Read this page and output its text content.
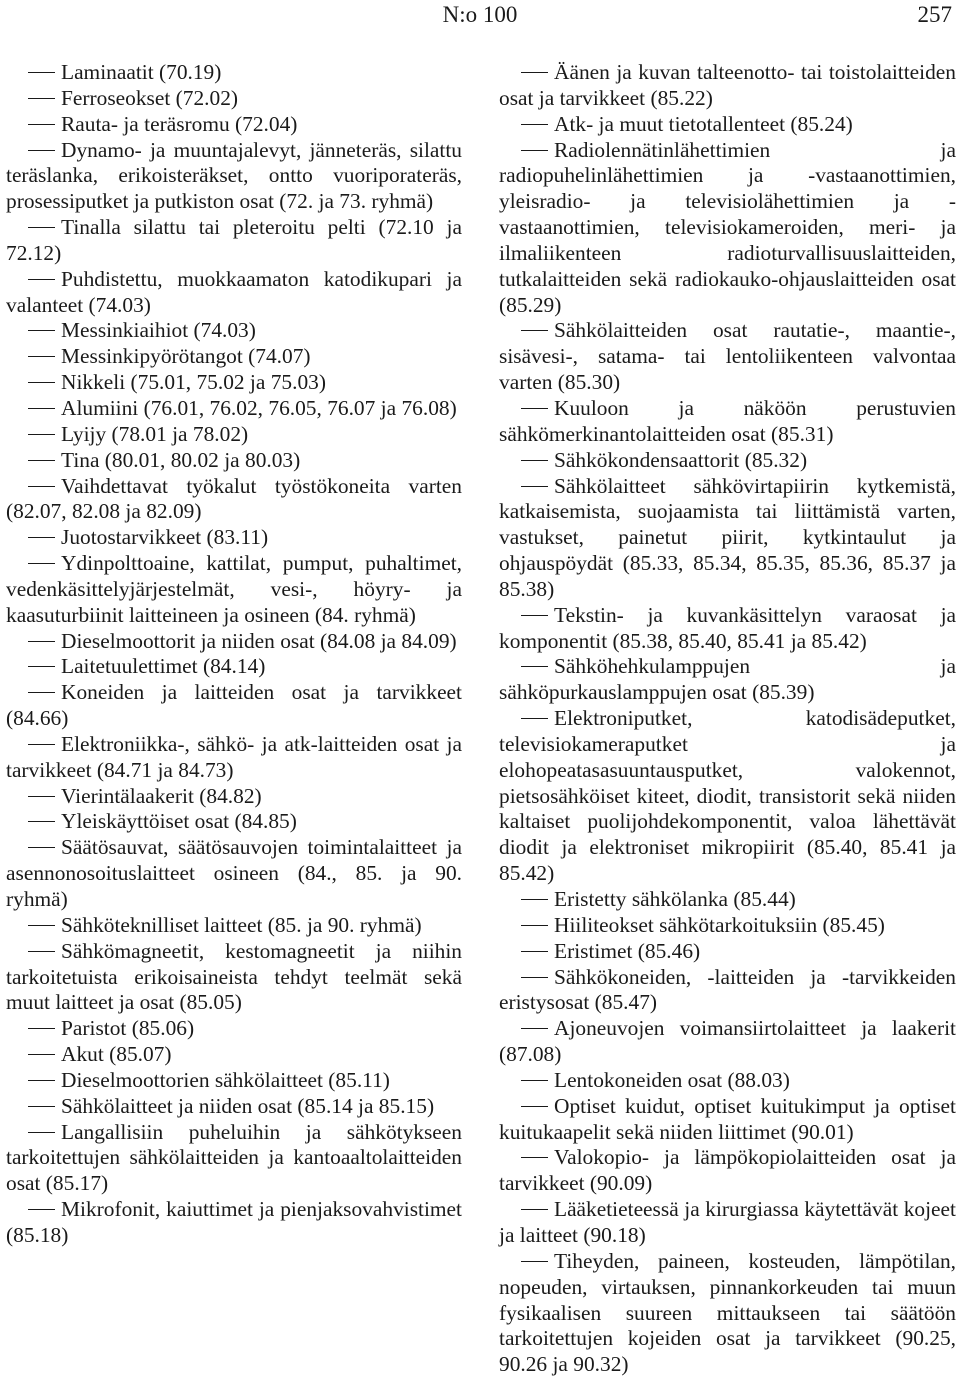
N:o 100	257

Laminaatit (70.19)

Ferroseokset (72.02)

Rauta- ja teräsromu (72.04)

Dynamo- ja muuntajalevyt, jänneteräs, silattu teräslanka, erikoisteräkset, ontto vuoriporateräs, prosessiputket ja putkiston osat (72. ja 73. ryhmä)

Tinalla silattu tai pleteroitu pelti (72.10 ja 72.12)

Puhdistettu, muokkaamaton katodikupari ja valanteet (74.03)

Messinkiaihiot (74.03)

Messinkipyörötangot (74.07)

Nikkeli (75.01, 75.02 ja 75.03)

Alumiini (76.01, 76.02, 76.05, 76.07 ja 76.08)

Lyijy (78.01 ja 78.02)

Tina (80.01, 80.02 ja 80.03)

Vaihdettavat työkalut työstökoneita varten (82.07, 82.08 ja 82.09)

Juotostarvikkeet (83.11)

Ydinpolttoaine, kattilat, pumput, puhaltimet, vedenkäsittelyjärjestelmät, vesi-, höyry- ja kaasuturbiinit laitteineen ja osineen (84. ryhmä)

Dieselmoottorit ja niiden osat (84.08 ja 84.09)

Laitetuulettimet (84.14)

Koneiden ja laitteiden osat ja tarvikkeet (84.66)

Elektroniikka-, sähkö- ja atk-laitteiden osat ja tarvikkeet (84.71 ja 84.73)

Vierintälaakerit (84.82)

Yleiskäyttöiset osat (84.85)

Säätösauvat, säätösauvojen toimintalaitteet ja asennonosoituslaitteet osineen (84., 85. ja 90. ryhmä)

Sähköteknilliset laitteet (85. ja 90. ryhmä)

Sähkömagneetit, kestomagneetit ja niihin tarkoitetuista erikoisaineista tehdyt teelmät sekä muut laitteet ja osat (85.05)

Paristot (85.06)

Akut (85.07)

Dieselmoottorien sähkölaitteet (85.11)

Sähkölaitteet ja niiden osat (85.14 ja 85.15)

Langallisiin puheluihin ja sähkötykseen tarkoitettujen sähkölaitteiden ja kantoaaltolaitteiden osat (85.17)

Mikrofonit, kaiuttimet ja pienjaksovahvistimet (85.18)

Äänen ja kuvan talteenotto- tai toistolaitteiden osat ja tarvikkeet (85.22)

Atk- ja muut tietotallenteet (85.24)

Radiolennätinlähettimien ja radiopuhelinlähettimien ja -vastaanottimien, yleisradio- ja televisiolähettimien ja -vastaanottimien, televisiokameroiden, meri- ja ilmaliikenteen radioturvallisuuslaitteiden, tutkalaitteiden sekä radiokauko-ohjauslaitteiden osat (85.29)

Sähkölaitteiden osat rautatie-, maantie-, sisävesi-, satama- tai lentoliikenteen valvontaa varten (85.30)

Kuuloon ja näköön perustuvien sähkömerkinantolaitteiden osat (85.31)

Sähkökondensaattorit (85.32)

Sähkölaitteet sähkövirtapiirin kytkemistä, katkaisemista, suojaamista tai liittämistä varten, vastukset, painetut piirit, kytkintaulut ja ohjauspöydät (85.33, 85.34, 85.35, 85.36, 85.37 ja 85.38)

Tekstin- ja kuvankäsittelyn varaosat ja komponentit (85.38, 85.40, 85.41 ja 85.42)

Sähköhehkulamppujen ja sähköpurkauslamppujen osat (85.39)

Elektroniputket, katodisädeputket, televisiokameraputket ja elohopeatasasuuntausputket, valokennot, pietsosähköiset kiteet, diodit, transistorit sekä niiden kaltaiset puolijohdekomponentit, valoa lähettävät diodit ja elektroniset mikropiirit (85.40, 85.41 ja 85.42)

Eristetty sähkölanka (85.44)

Hiiliteokset sähkötarkoituksiin (85.45)

Eristimet (85.46)

Sähkökoneiden, -laitteiden ja -tarvikkeiden eristysosat (85.47)

Ajoneuvojen voimansiirtolaitteet ja laakerit (87.08)

Lentokoneiden osat (88.03)

Optiset kuidut, optiset kuitukimput ja optiset kuitukaapelit sekä niiden liittimet (90.01)

Valokopio- ja lämpökopiolaitteiden osat ja tarvikkeet (90.09)

Lääketieteessä ja kirurgiassa käytettävät kojeet ja laitteet (90.18)

Tiheyden, paineen, kosteuden, lämpötilan, nopeuden, virtauksen, pinnankorkeuden tai muun fysikaalisen suureen mittaukseen tai säätöön tarkoitettujen kojeiden osat ja tarvikkeet (90.25, 90.26 ja 90.32)
